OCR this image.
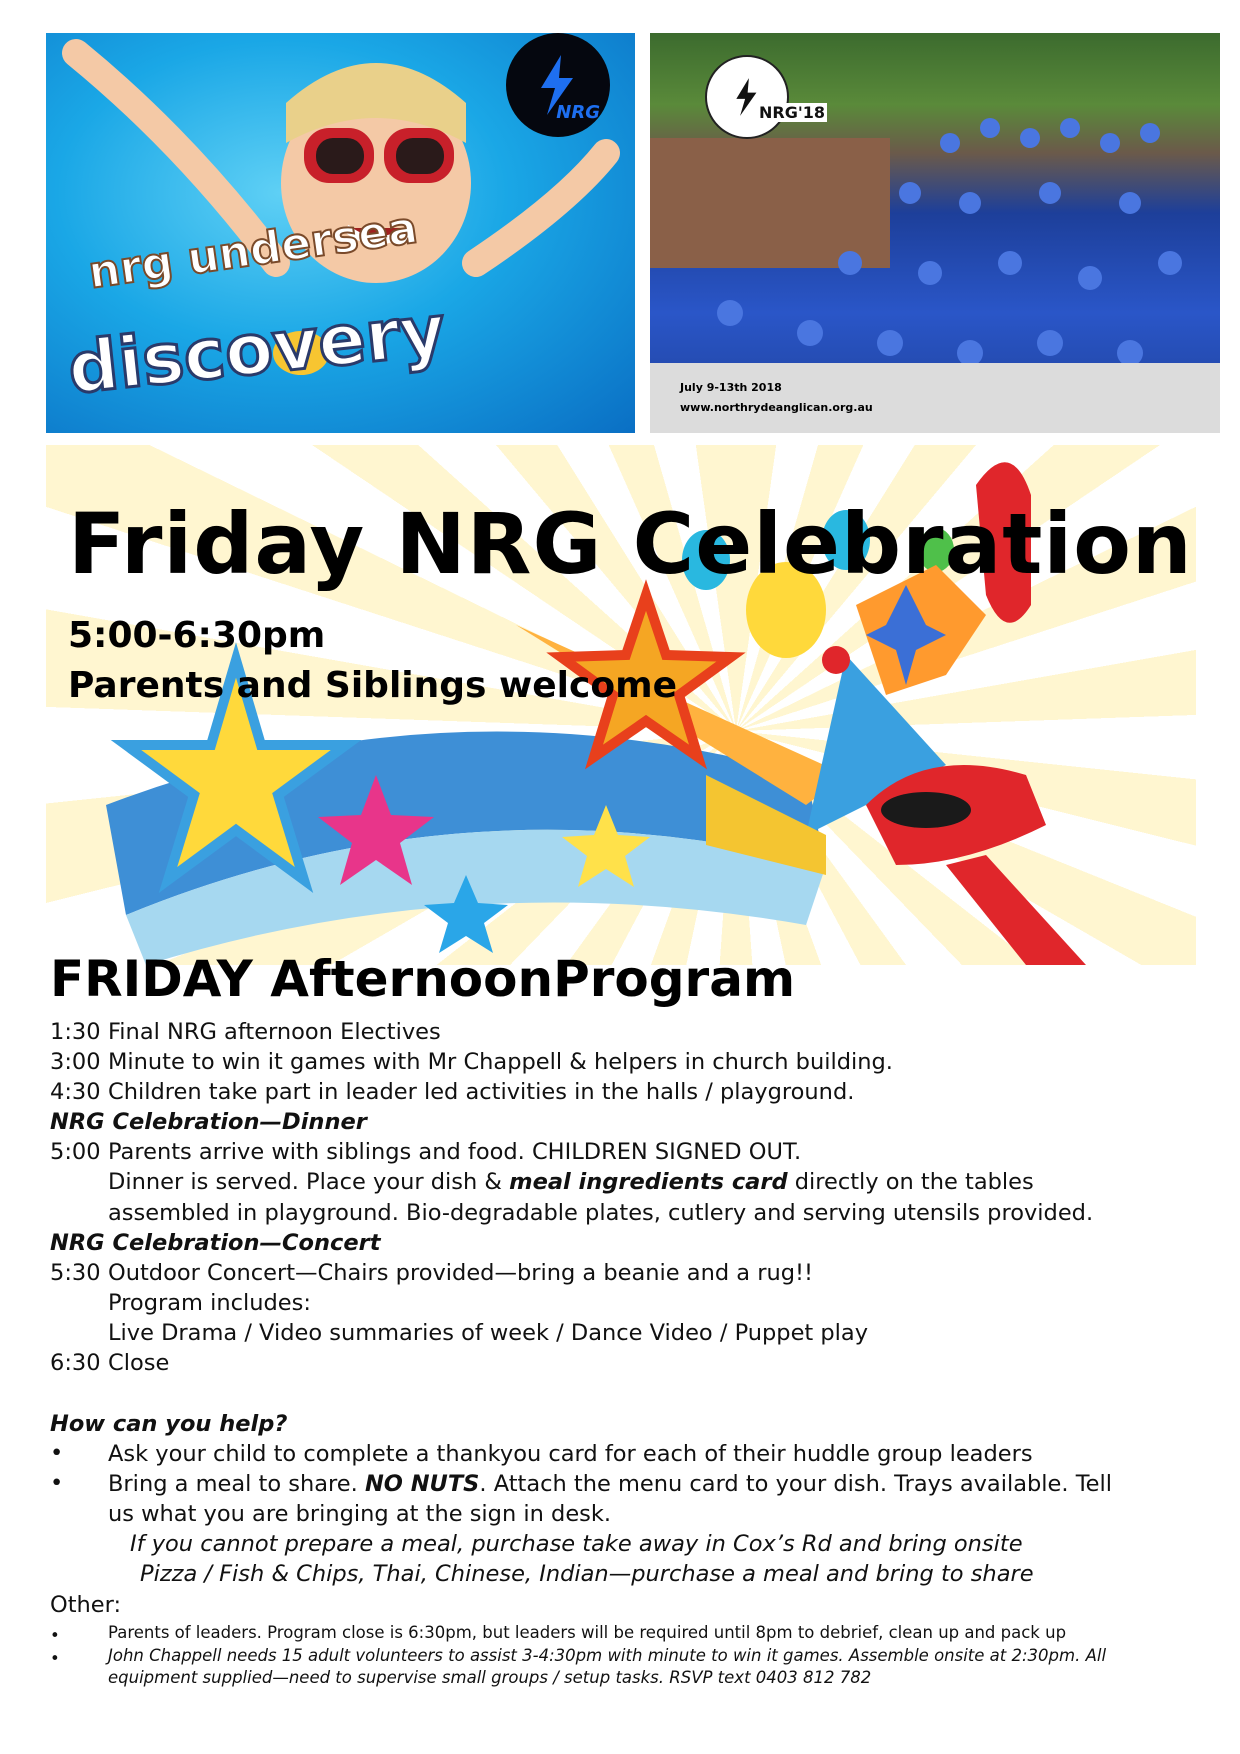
nrg undersea
discovery
NRG
July 9-13th 2018
www.northrydeanglican.org.au
NRG'18
Friday NRG Celebration
5:00-6:30pm
Parents and Siblings welcome
FRIDAY AfternoonProgram
1:30 Final NRG afternoon Electives
3:00 Minute to win it games with Mr Chappell & helpers in church building.
4:30 Children take part in leader led activities in the halls / playground.
NRG Celebration—Dinner
5:00 Parents arrive with siblings and food. CHILDREN SIGNED OUT.
Dinner is served. Place your dish & meal ingredients card directly on the tables
assembled in playground. Bio-degradable plates, cutlery and serving utensils provided.
NRG Celebration—Concert
5:30 Outdoor Concert—Chairs provided—bring a beanie and a rug!!
Program includes:
Live Drama / Video summaries of week / Dance Video / Puppet play
6:30 Close
How can you help?
• Ask your child to complete a thankyou card for each of their huddle group leaders
• Bring a meal to share. NO NUTS. Attach the menu card to your dish. Trays available. Tell
us what you are bringing at the sign in desk.
If you cannot prepare a meal, purchase take away in Cox’s Rd and bring onsite
Pizza / Fish & Chips, Thai, Chinese, Indian—purchase a meal and bring to share
Other:
•	Parents of leaders. Program close is 6:30pm, but leaders will be required until 8pm to debrief, clean up and pack up
•	John Chappell needs 15 adult volunteers to assist 3-4:30pm with minute to win it games. Assemble onsite at 2:30pm. All
equipment supplied—need to supervise small groups / setup tasks. RSVP text 0403 812 782
